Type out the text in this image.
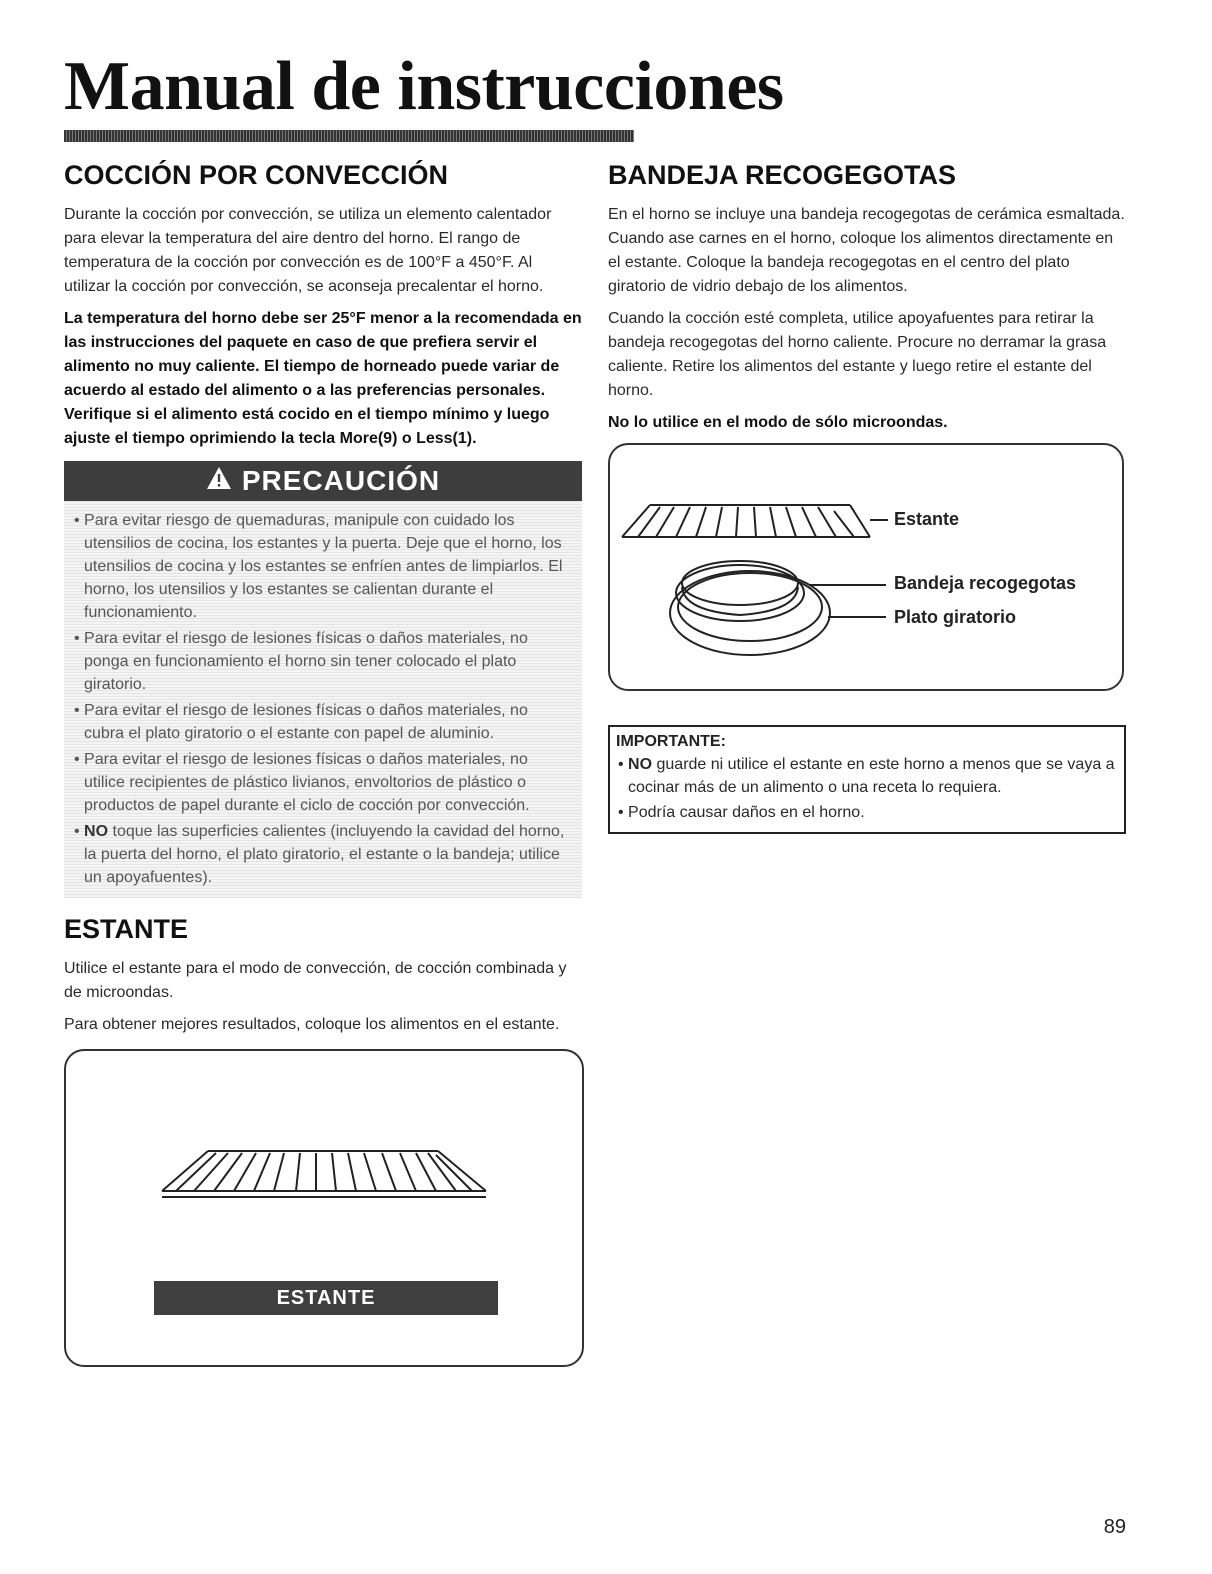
Manual de instrucciones
COCCIÓN POR CONVECCIÓN

Durante la cocción por convección, se utiliza un elemento calentador para elevar la temperatura del aire dentro del horno. El rango de temperatura de la cocción por convección es de 100°F a 450°F. Al utilizar la cocción por convección, se aconseja precalentar el horno.

La temperatura del horno debe ser 25°F menor a la recomendada en las instrucciones del paquete en caso de que prefiera servir el alimento no muy caliente. El tiempo de horneado puede variar de acuerdo al estado del alimento o a las preferencias personales. Verifique si el alimento está cocido en el tiempo mínimo y luego ajuste el tiempo oprimiendo la tecla More(9) o Less(1).

PRECAUCIÓN
• Para evitar riesgo de quemaduras, manipule con cuidado los utensilios de cocina, los estantes y la puerta. Deje que el horno, los utensilios de cocina y los estantes se enfríen antes de limpiarlos. El horno, los utensilios y los estantes se calientan durante el funcionamiento.
• Para evitar el riesgo de lesiones físicas o daños materiales, no ponga en funcionamiento el horno sin tener colocado el plato giratorio.
• Para evitar el riesgo de lesiones físicas o daños materiales, no cubra el plato giratorio o el estante con papel de aluminio.
• Para evitar el riesgo de lesiones físicas o daños materiales, no utilice recipientes de plástico livianos, envoltorios de plástico o productos de papel durante el ciclo de cocción por convección.
• NO toque las superficies calientes (incluyendo la cavidad del horno, la puerta del horno, el plato giratorio, el estante o la bandeja; utilice un apoyafuentes).
ESTANTE

Utilice el estante para el modo de convección, de cocción combinada y de microondas.

Para obtener mejores resultados, coloque los alimentos en el estante.

ESTANTE
BANDEJA RECOGEGOTAS

En el horno se incluye una bandeja recogegotas de cerámica esmaltada. Cuando ase carnes en el horno, coloque los alimentos directamente en el estante. Coloque la bandeja recogegotas en el centro del plato giratorio de vidrio debajo de los alimentos.

Cuando la cocción esté completa, utilice apoyafuentes para retirar la bandeja recogegotas del horno caliente. Procure no derramar la grasa caliente. Retire los alimentos del estante y luego retire el estante del horno.

No lo utilice en el modo de sólo microondas.

Estante
Bandeja recogegotas
Plato giratorio
IMPORTANTE:

• NO guarde ni utilice el estante en este horno a menos que se vaya a cocinar más de un alimento o una receta lo requiera.

• Podría causar daños en el horno.

89
